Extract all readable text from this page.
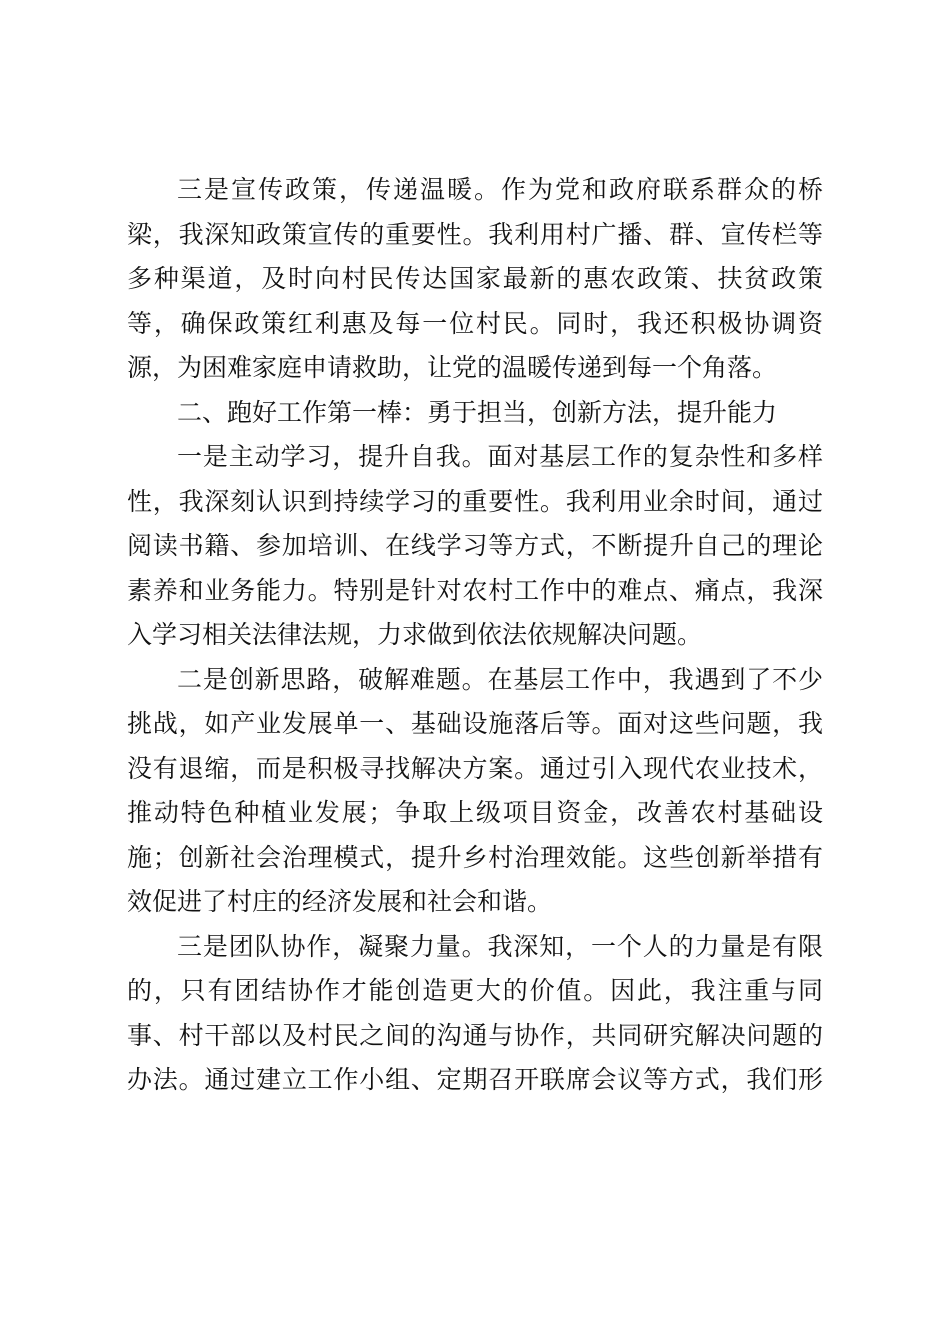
三是宣传政策，传递温暖。作为党和政府联系群众的桥
梁，我深知政策宣传的重要性。我利用村广播、群、宣传栏等
多种渠道，及时向村民传达国家最新的惠农政策、扶贫政策
等，确保政策红利惠及每一位村民。同时，我还积极协调资
源，为困难家庭申请救助，让党的温暖传递到每一个角落。
二、跑好工作第一棒：勇于担当，创新方法，提升能力
一是主动学习，提升自我。面对基层工作的复杂性和多样
性，我深刻认识到持续学习的重要性。我利用业余时间，通过
阅读书籍、参加培训、在线学习等方式，不断提升自己的理论
素养和业务能力。特别是针对农村工作中的难点、痛点，我深
入学习相关法律法规，力求做到依法依规解决问题。
二是创新思路，破解难题。在基层工作中，我遇到了不少
挑战，如产业发展单一、基础设施落后等。面对这些问题，我
没有退缩，而是积极寻找解决方案。通过引入现代农业技术，
推动特色种植业发展；争取上级项目资金，改善农村基础设
施；创新社会治理模式，提升乡村治理效能。这些创新举措有
效促进了村庄的经济发展和社会和谐。
三是团队协作，凝聚力量。我深知，一个人的力量是有限
的，只有团结协作才能创造更大的价值。因此，我注重与同
事、村干部以及村民之间的沟通与协作，共同研究解决问题的
办法。通过建立工作小组、定期召开联席会议等方式，我们形
